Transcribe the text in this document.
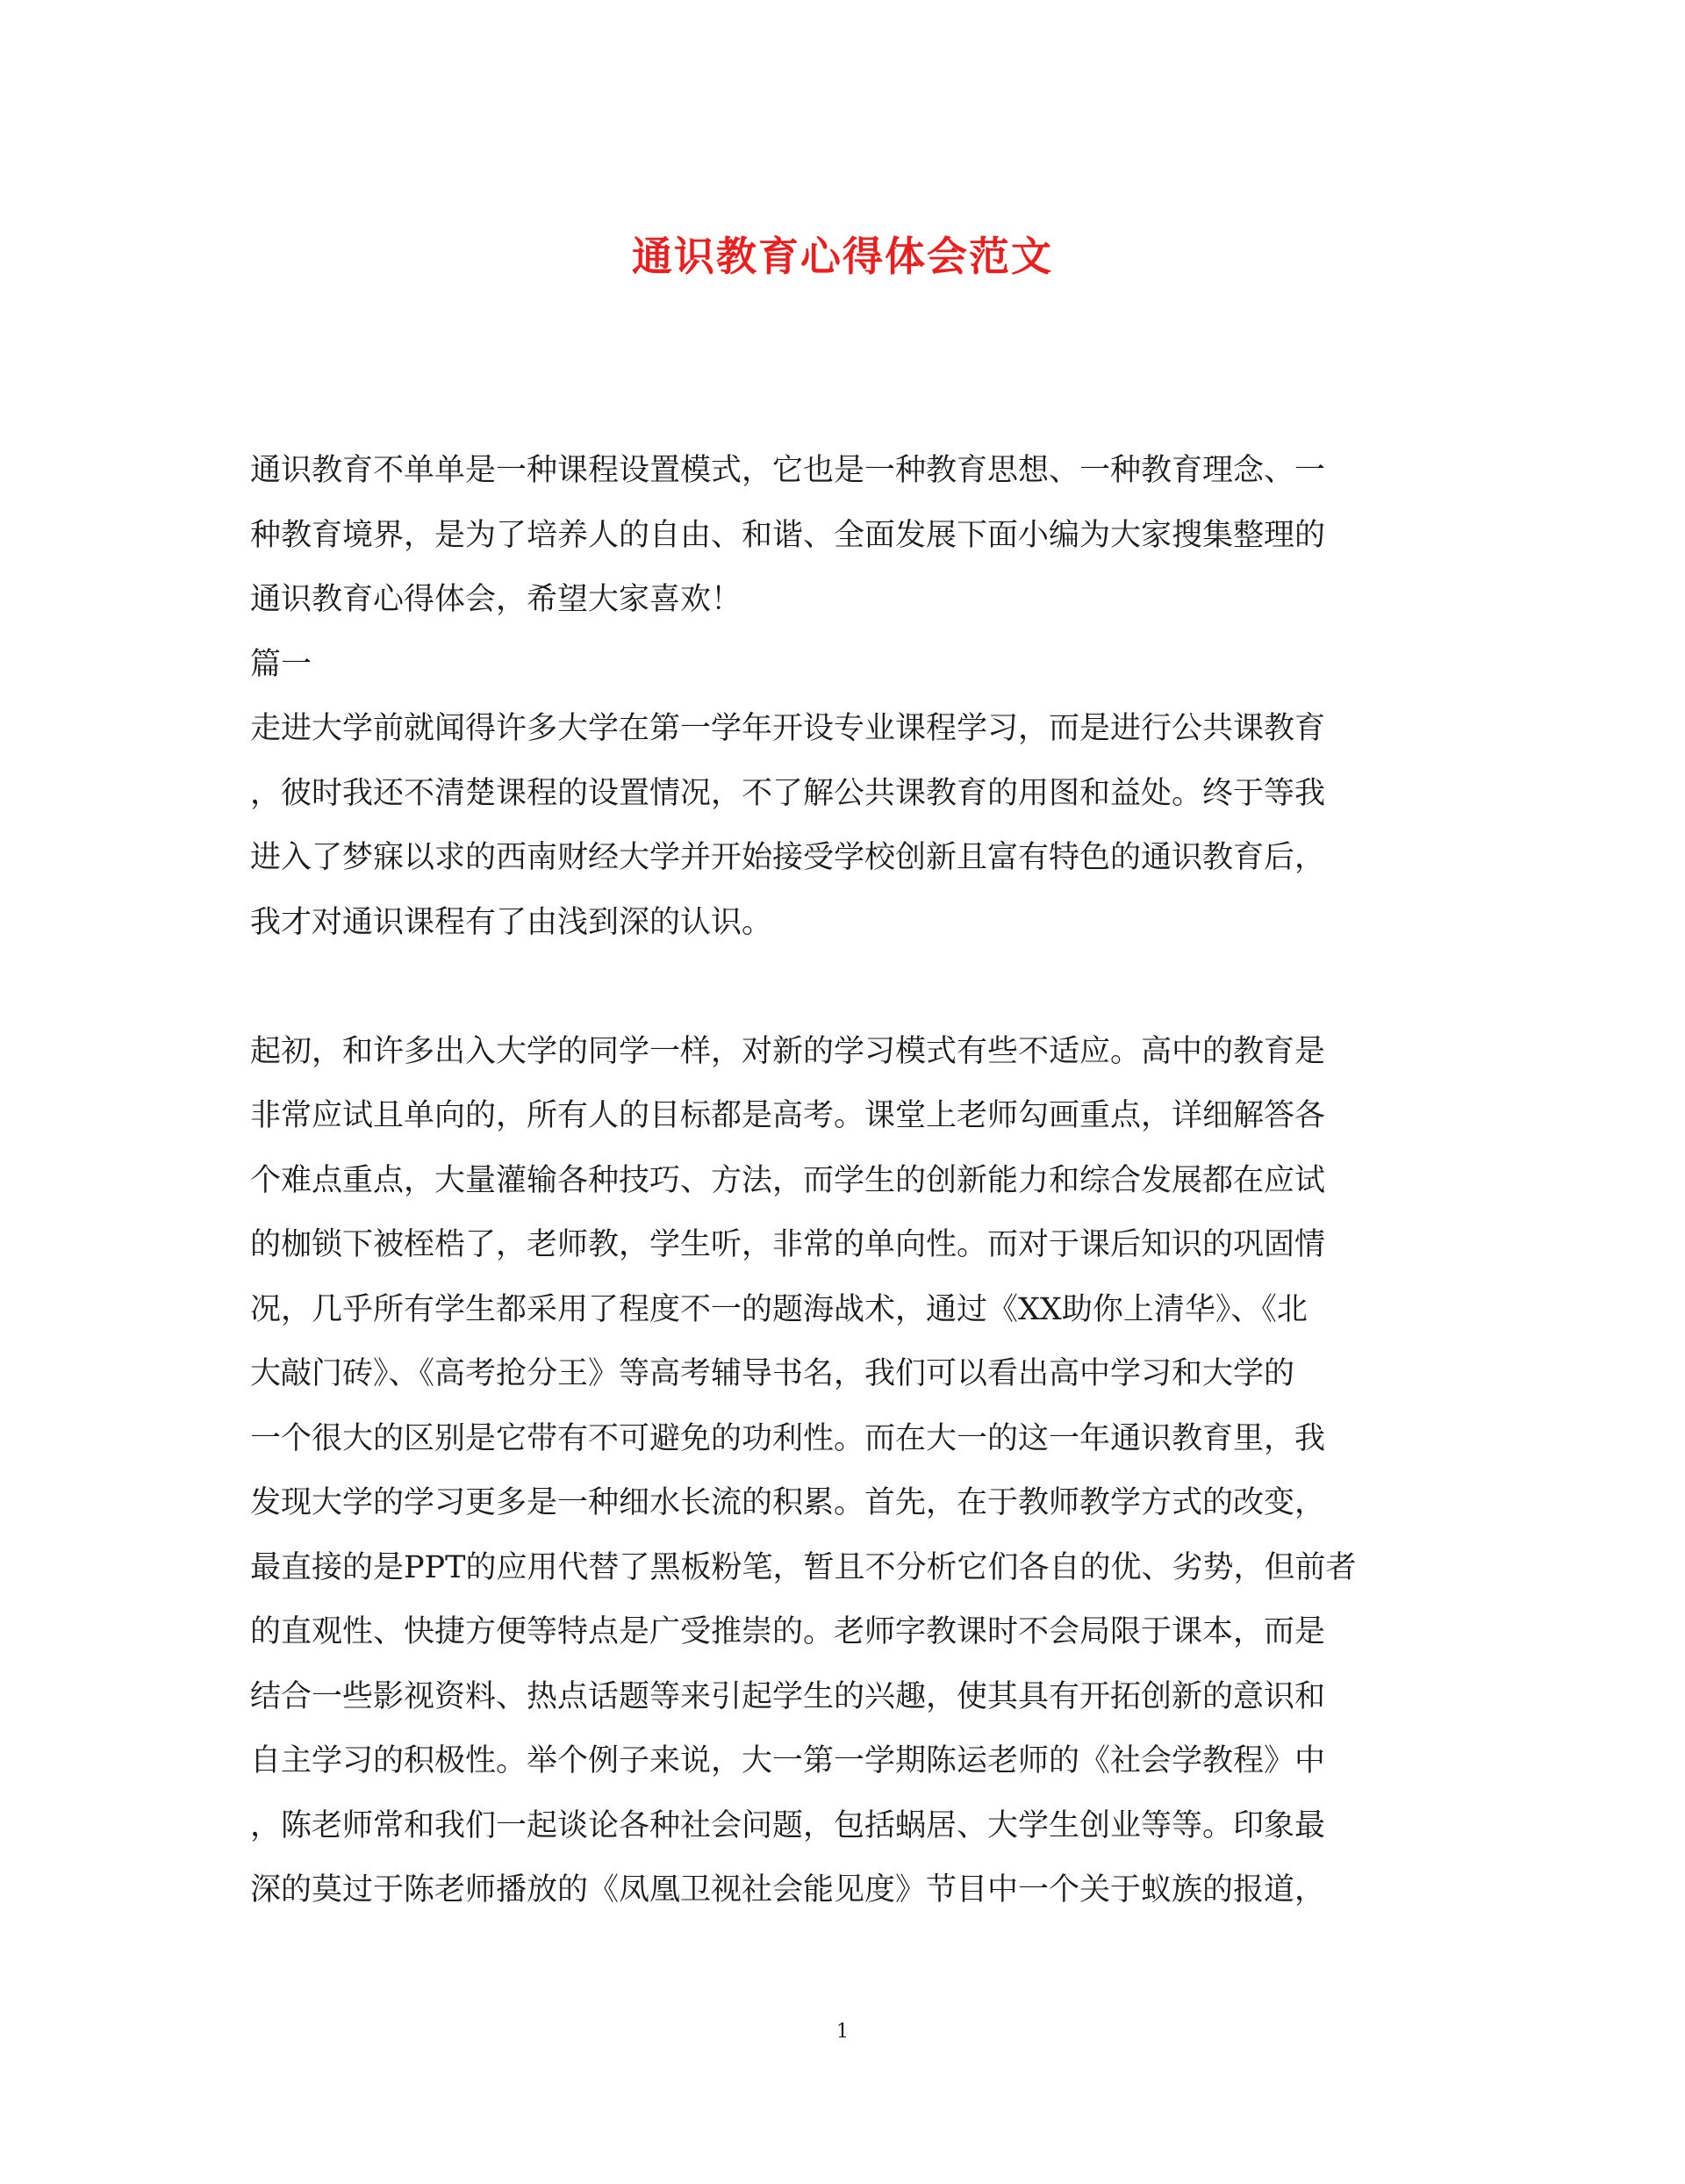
通识教育心得体会范文
通识教育不单单是一种课程设置模式，它也是一种教育思想、一种教育理念、一
种教育境界，是为了培养人的自由、和谐、全面发展下面小编为大家搜集整理的
通识教育心得体会，希望大家喜欢！
篇一
走进大学前就闻得许多大学在第一学年开设专业课程学习，而是进行公共课教育
，彼时我还不清楚课程的设置情况，不了解公共课教育的用图和益处。终于等我
进入了梦寐以求的西南财经大学并开始接受学校创新且富有特色的通识教育后，
我才对通识课程有了由浅到深的认识。
起初，和许多出入大学的同学一样，对新的学习模式有些不适应。高中的教育是
非常应试且单向的，所有人的目标都是高考。课堂上老师勾画重点，详细解答各
个难点重点，大量灌输各种技巧、方法，而学生的创新能力和综合发展都在应试
的枷锁下被桎梏了，老师教，学生听，非常的单向性。而对于课后知识的巩固情
况，几乎所有学生都采用了程度不一的题海战术，通过《XX助你上清华》、《北
大敲门砖》、《高考抢分王》等高考辅导书名，我们可以看出高中学习和大学的
一个很大的区别是它带有不可避免的功利性。而在大一的这一年通识教育里，我
发现大学的学习更多是一种细水长流的积累。首先，在于教师教学方式的改变，
最直接的是PPT的应用代替了黑板粉笔，暂且不分析它们各自的优、劣势，但前者
的直观性、快捷方便等特点是广受推崇的。老师字教课时不会局限于课本，而是
结合一些影视资料、热点话题等来引起学生的兴趣，使其具有开拓创新的意识和
自主学习的积极性。举个例子来说，大一第一学期陈运老师的《社会学教程》中
，陈老师常和我们一起谈论各种社会问题，包括蜗居、大学生创业等等。印象最
深的莫过于陈老师播放的《凤凰卫视社会能见度》节目中一个关于蚁族的报道，
1
